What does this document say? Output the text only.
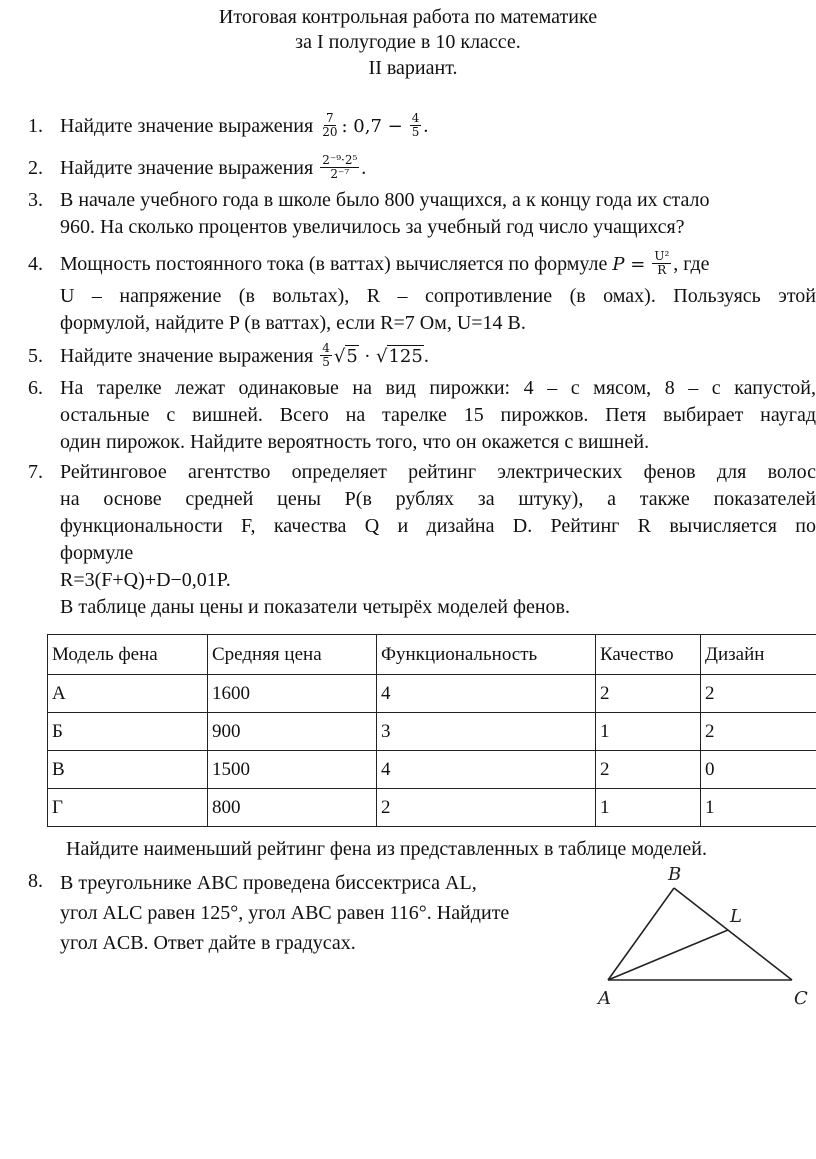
Итоговая контрольная работа по математике
за I полугодие в 10 классе.
II вариант.
1. Найдите значение выражения $\frac{7}{20}$ : $0,7 - \frac{4}{5}$ .
2. Найдите значение выражения $\frac{\text{2⁻⁹·2⁵}}{\text{2⁻⁷}}$ .
3. В начале учебного года в школе было 800 учащихся, а к концу года их стало
960. На сколько процентов увеличилось за учебный год число учащихся?
4. Мощность постоянного тока (в ваттах) вычисляется по формуле $P = \frac{\text{U²}}{R}$ , где
U – напряжение (в вольтах), R – сопротивление (в омах). Пользуясь этой
формулой, найдите P (в ваттах), если R=7 Ом, U=14 В.
5. Найдите значение выражения $\frac{4}{5} √5 \cdot √125$.
6. На тарелке лежат одинаковые на вид пирожки: 4 – с мясом, 8 – с капустой,
остальные с вишней. Всего на тарелке 15 пирожков. Петя выбирает наугад
один пирожок. Найдите вероятность того, что он окажется с вишней.
7. Рейтинговое агентство определяет рейтинг электрических фенов для волос
на основе средней цены P(в рублях за штуку), а также показателей
функциональности F, качества Q и дизайна D. Рейтинг R вычисляется по
формуле
R=3(F+Q)+D−0,01P.
В таблице даны цены и показатели четырёх моделей фенов.
Модель фена	Средняя цена	Функциональность	Качество	Дизайн
А	1600	4	2	2
Б	900	3	1	2
В	1500	4	2	0
Г	800	2	1	1
Найдите наименьший рейтинг фена из представленных в таблице моделей.
8. В треугольнике ABC проведена биссектриса AL,
угол ALC равен 125°, угол ABC равен 116°. Найдите
угол ACB. Ответ дайте в градусах.
B
L
A	C
